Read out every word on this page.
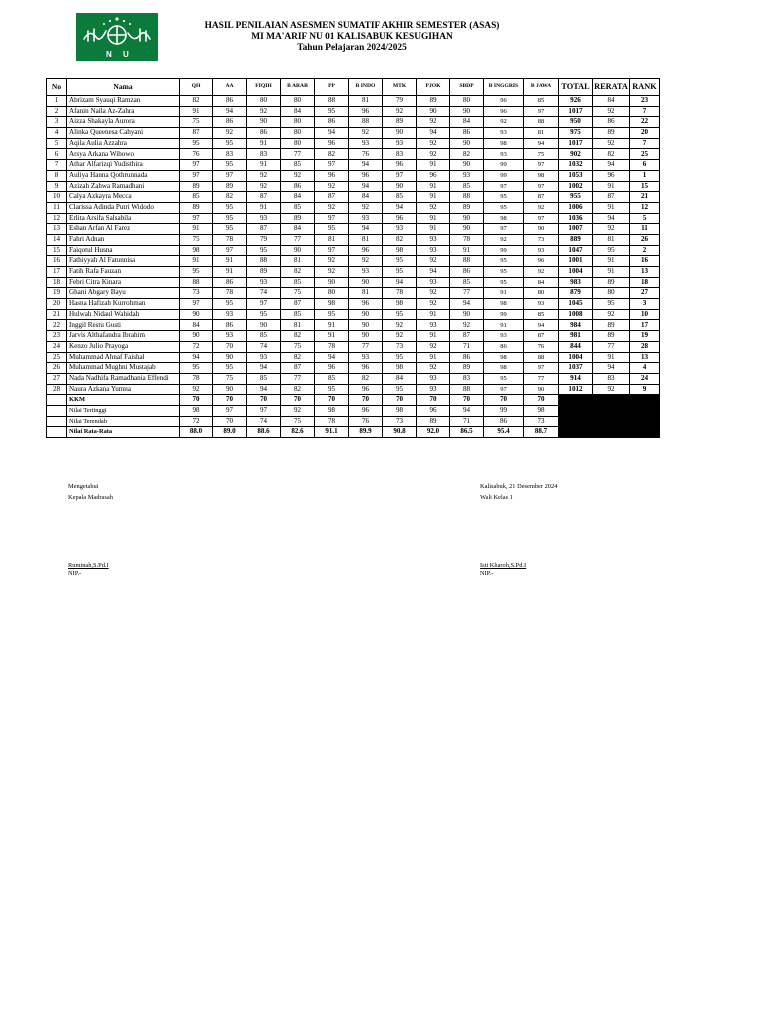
N U
HASIL PENILAIAN ASESMEN SUMATIF AKHIR SEMESTER (ASAS)
MI MA'ARIF NU 01 KALISABUK KESUGIHAN
Tahun Pelajaran 2024/2025
No	Nama	QH	AA	FIQIH	B ARAB	PP	B INDO	MTK	PJOK	SBDP	B INGGRIS	B JAWA	TOTAL	RERATA	RANK
1	Abrizam Syauqi Ramzan	82	86	80	80	88	81	79	89	80	96	85	926	84	23
2	Afanin Naila Az-Zahra	91	94	92	84	95	96	92	90	90	96	97	1017	92	7
3	Aizza Shakayla Aurora	75	86	90	80	86	88	89	92	84	92	88	950	86	22
4	Alinka Queenesa Cahyani	87	92	86	80	94	92	90	94	86	93	81	975	89	20
5	Aqila Aulia Azzahra	95	95	91	80	96	93	93	92	90	98	94	1017	92	7
6	Arsya Arkana Wibowo	76	83	83	77	82	76	83	92	82	93	75	902	82	25
7	Athar Alfarizqi Yudisthira	97	95	91	85	97	94	96	91	90	99	97	1032	94	6
8	Auliya Hanna Qothrunnada	97	97	92	92	96	96	97	96	93	99	98	1053	96	1
9	Azizah Zahwa Ramadhani	89	89	92	86	92	94	90	91	85	97	97	1002	91	15
10	Calya Azkayra Mecca	85	82	87	84	87	84	85	91	88	95	87	955	87	21
11	Clarissa Adinda Putri Widodo	89	95	91	85	92	92	94	92	89	95	92	1006	91	12
12	Erlita Arsifa Salsabila	97	95	93	89	97	93	96	91	90	98	97	1036	94	5
13	Eshan Arfan Al Farez	91	95	87	84	95	94	93	91	90	97	90	1007	92	11
14	Fahri Adnan	75	78	79	77	81	81	82	93	78	92	73	889	81	26
15	Faiqotul Husna	98	97	95	90	97	96	98	93	91	99	93	1047	95	2
16	Fathiyyah Al Fatunnisa	91	91	88	81	92	92	95	92	88	95	96	1001	91	16
17	Fatih Rafa Fauzan	95	91	89	82	92	93	95	94	86	95	92	1004	91	13
18	Febri Citra Kinara	88	86	93	85	90	90	94	93	85	95	84	983	89	18
19	Ghani Abgary Bayu	73	78	74	75	80	81	78	92	77	91	80	879	80	27
20	Hasna Hafizah Kurrohman	97	95	97	87	98	96	98	92	94	98	93	1045	95	3
21	Hulwah Nidaul Wahidah	90	93	95	85	95	90	95	91	90	99	85	1008	92	10
22	Inggil Restu Gusti	84	86	90	81	91	90	92	93	92	91	94	984	89	17
23	Jarvis Althafandra Ibrahim	90	93	85	82	91	90	92	91	87	93	87	981	89	19
24	Kenzo Julio Prayoga	72	70	74	75	78	77	73	92	71	86	76	844	77	28
25	Muhammad Ahnaf Faishal	94	90	93	82	94	93	95	91	86	98	88	1004	91	13
26	Muhammad Mughni Mustajab	95	95	94	87	96	96	98	92	89	98	97	1037	94	4
27	Nada Nadhifa Ramadhania Effendi	78	75	85	77	85	82	84	93	83	95	77	914	83	24
28	Naura Azkana Yumna	92	90	94	82	95	96	95	93	88	97	90	1012	92	9
	KKM	70	70	70	70	70	70	70	70	70	70	70			
	Nilai Tertinggi	98	97	97	92	98	96	98	96	94	99	98			
	Nilai Terendah	72	70	74	75	78	76	73	89	71	86	73			
	Nilai Rata-Rata	88.0	89.0	88.6	82.6	91.1	89.9	90.8	92.0	86.5	95.4	88.7			
Mengetahui
Kepala Madrasah
Ruminah,S.Pd.I
NIP.-
Kalisabuk, 21 Desember 2024
Wali Kelas 1
Isti Kharoh,S.Pd.I
NIP.-
